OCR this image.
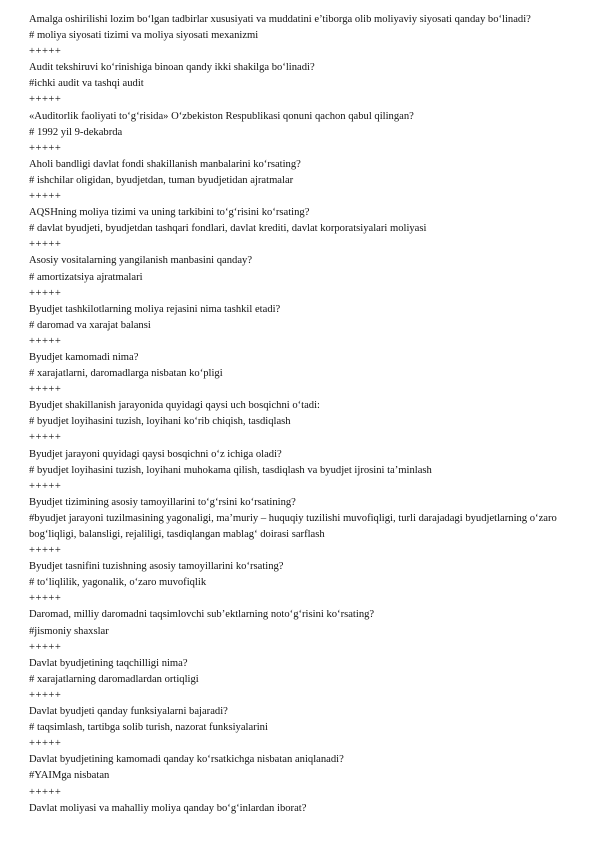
Amalga oshirilishi lozim bo‘lgan tadbirlar xususiyati va muddatini e’tiborga olib moliyaviy siyosati qanday bo‘linadi?
# moliya siyosati tizimi va moliya siyosati mexanizmi
+++++
Audit tekshiruvi ko‘rinishiga binoan qandy ikki shakilga bo‘linadi?
#ichki audit va tashqi audit
+++++
«Auditorlik faoliyati to‘g‘risida» O‘zbekiston Respublikasi qonuni qachon qabul qilingan?
# 1992 yil 9-dekabrda
+++++
Aholi bandligi davlat fondi shakillanish manbalarini ko‘rsating?
# ishchilar oligidan, byudjetdan, tuman byudjetidan ajratmalar
+++++
AQSHning moliya tizimi va uning tarkibini to‘g‘risini ko‘rsating?
# davlat byudjeti, byudjetdan tashqari fondlari, davlat krediti, davlat korporatsiyalari moliyasi
+++++
Asosiy vositalarning yangilanish manbasini qanday?
# amortizatsiya ajratmalari
+++++
Byudjet tashkilotlarning moliya rejasini nima tashkil etadi?
# daromad va xarajat balansi
+++++
Byudjet kamomadi nima?
# xarajatlarni, daromadlarga nisbatan ko‘pligi
+++++
Byudjet shakillanish jarayonida quyidagi qaysi uch bosqichni o‘tadi:
# byudjet loyihasini tuzish, loyihani ko‘rib chiqish, tasdiqlash
+++++
Byudjet jarayoni quyidagi qaysi bosqichni o‘z ichiga oladi?
# byudjet loyihasini tuzish, loyihani muhokama qilish, tasdiqlash va byudjet ijrosini ta’minlash
+++++
Byudjet tizimining asosiy tamoyillarini to‘g‘rsini ko‘rsatining?
#byudjet jarayoni tuzilmasining yagonaligi, ma’muriy – huquqiy tuzilishi muvofiqligi, turli darajadagi byudjetlarning o‘zaro bog‘liqligi, balansligi, rejaliligi, tasdiqlangan mablag‘ doirasi sarflash
+++++
Byudjet tasnifini tuzishning asosiy tamoyillarini ko‘rsating?
# to‘liqlilik, yagonalik, o‘zaro muvofiqlik
+++++
Daromad, milliy daromadni taqsimlovchi sub’ektlarning noto‘g‘risini ko‘rsating?
#jismoniy shaxslar
+++++
Davlat byudjetining taqchilligi nima?
# xarajatlarning daromadlardan ortiqligi
+++++
Davlat byudjeti qanday funksiyalarni bajaradi?
# taqsimlash, tartibga solib turish, nazorat funksiyalarini
+++++
Davlat byudjetining kamomadi qanday ko‘rsatkichga nisbatan aniqlanadi?
#YAIMga nisbatan
+++++
Davlat moliyasi va mahalliy moliya qanday bo‘g‘inlardan iborat?
